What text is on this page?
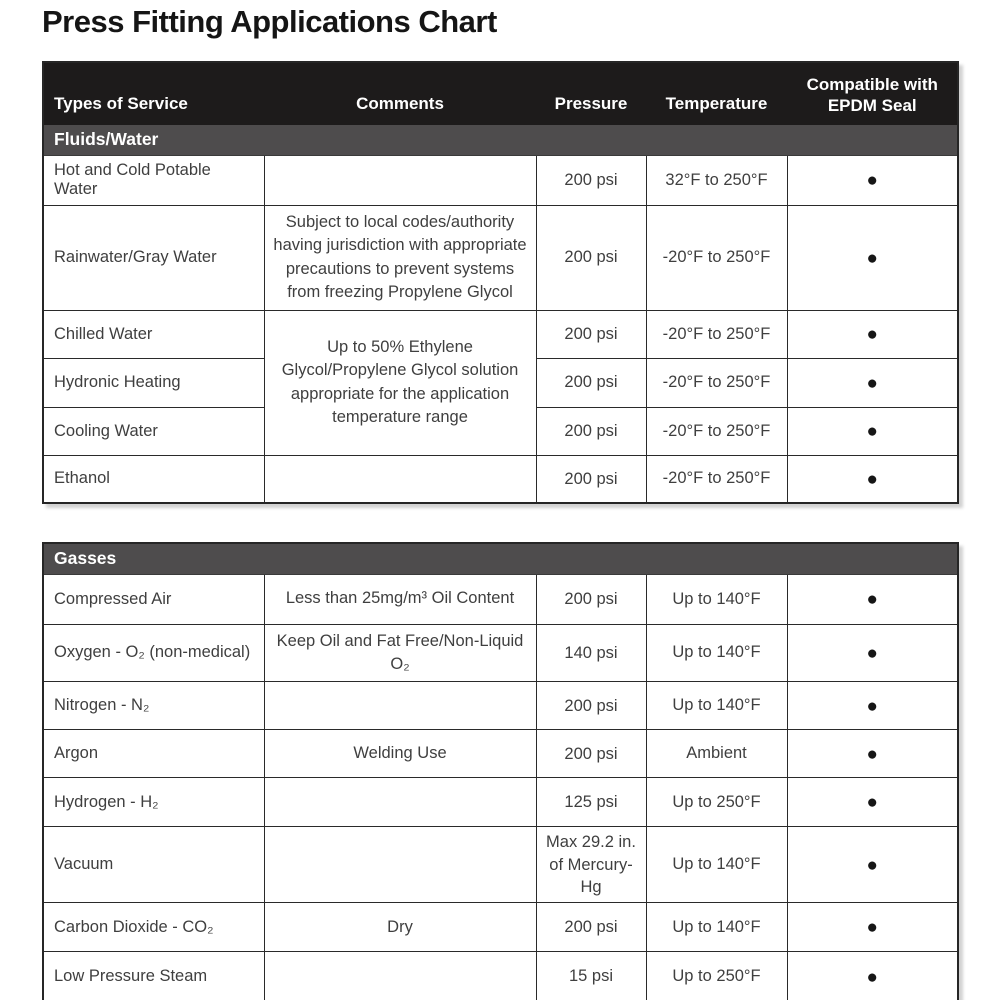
Press Fitting Applications Chart
Types of Service	Comments	Pressure	Temperature	Compatible with EPDM Seal
Fluids/Water				
Hot and Cold Potable Water		200 psi	32°F to 250°F	●
Rainwater/Gray Water	Subject to local codes/authority having jurisdiction with appropriate precautions to prevent systems from freezing Propylene Glycol	200 psi	-20°F to 250°F	●
Chilled Water	Up to 50% Ethylene Glycol/Propylene Glycol solution appropriate for the application temperature range	200 psi	-20°F to 250°F	●
Hydronic Heating		200 psi	-20°F to 250°F	●
Cooling Water		200 psi	-20°F to 250°F	●
Ethanol		200 psi	-20°F to 250°F	●
Gasses				
Compressed Air	Less than 25mg/m³ Oil Content	200 psi	Up to 140°F	●
Oxygen - O₂ (non-medical)	Keep Oil and Fat Free/Non-Liquid O₂	140 psi	Up to 140°F	●
Nitrogen - N₂		200 psi	Up to 140°F	●
Argon	Welding Use	200 psi	Ambient	●
Hydrogen - H₂		125 psi	Up to 250°F	●
Vacuum		Max 29.2 in. of Mercury-Hg	Up to 140°F	●
Carbon Dioxide - CO₂	Dry	200 psi	Up to 140°F	●
Low Pressure Steam		15 psi	Up to 250°F	●
